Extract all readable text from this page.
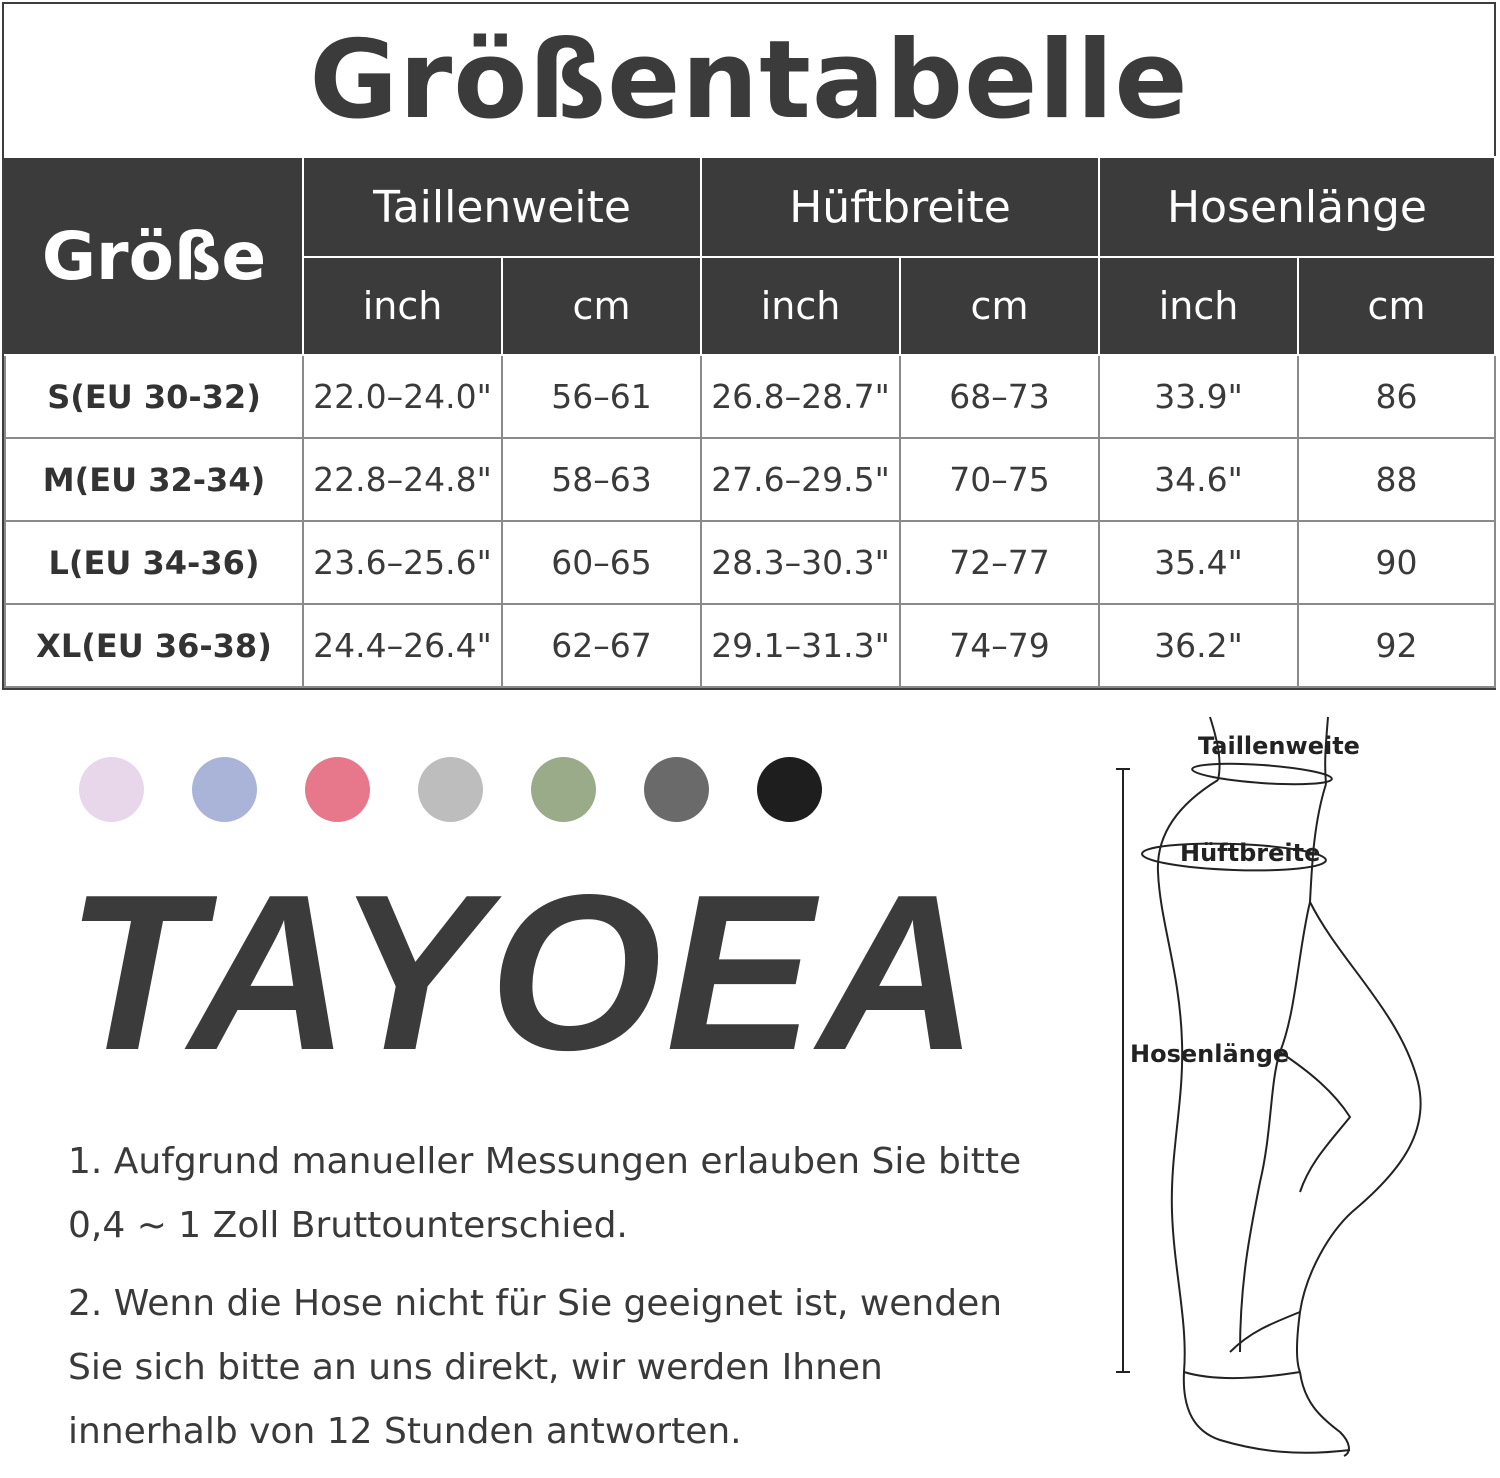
Größentabelle
Größe	Taillenweite		Hüftbreite		Hosenlänge	
	inch	cm	inch	cm	inch	cm
S(EU 30-32)	22.0–24.0"	56–61	26.8–28.7"	68–73	33.9"	86
M(EU 32-34)	22.8–24.8"	58–63	27.6–29.5"	70–75	34.6"	88
L(EU 34-36)	23.6–25.6"	60–65	28.3–30.3"	72–77	35.4"	90
XL(EU 36-38)	24.4–26.4"	62–67	29.1–31.3"	74–79	36.2"	92
TAYOEA

1. Aufgrund manueller Messungen erlauben Sie bitte 0,4 ~ 1 Zoll Bruttounterschied.

2. Wenn die Hose nicht für Sie geeignet ist, wenden Sie sich bitte an uns direkt, wir werden Ihnen innerhalb von 12 Stunden antworten.

Taillenweite
Hüftbreite
Hosenlänge
